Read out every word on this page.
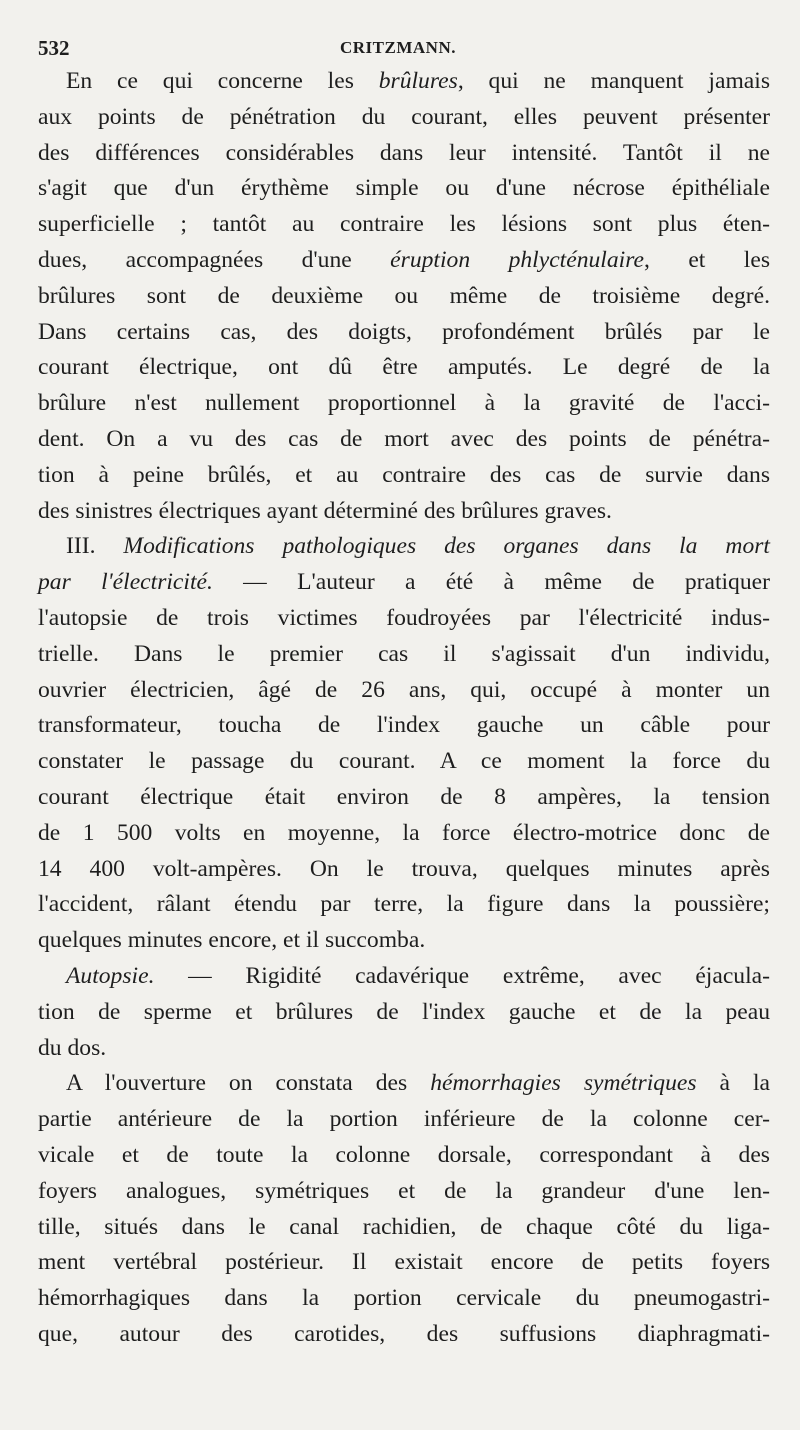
532	CRITZMANN.

En ce qui concerne les brûlures, qui ne manquent jamais
aux points de pénétration du courant, elles peuvent présenter
des différences considérables dans leur intensité. Tantôt il ne
s'agit que d'un érythème simple ou d'une nécrose épithéliale
superficielle ; tantôt au contraire les lésions sont plus éten-
dues, accompagnées d'une éruption phlycténulaire, et les
brûlures sont de deuxième ou même de troisième degré.
Dans certains cas, des doigts, profondément brûlés par le
courant électrique, ont dû être amputés. Le degré de la
brûlure n'est nullement proportionnel à la gravité de l'acci-
dent. On a vu des cas de mort avec des points de pénétra-
tion à peine brûlés, et au contraire des cas de survie dans
des sinistres électriques ayant déterminé des brûlures graves.

III. Modifications pathologiques des organes dans la mort
par l'électricité. — L'auteur a été à même de pratiquer
l'autopsie de trois victimes foudroyées par l'électricité indus-
trielle. Dans le premier cas il s'agissait d'un individu,
ouvrier électricien, âgé de 26 ans, qui, occupé à monter un
transformateur, toucha de l'index gauche un câble pour
constater le passage du courant. A ce moment la force du
courant électrique était environ de 8 ampères, la tension
de 1 500 volts en moyenne, la force électro-motrice donc de
14 400 volt-ampères. On le trouva, quelques minutes après
l'accident, râlant étendu par terre, la figure dans la poussière;
quelques minutes encore, et il succomba.

Autopsie. — Rigidité cadavérique extrême, avec éjacula-
tion de sperme et brûlures de l'index gauche et de la peau
du dos.

A l'ouverture on constata des hémorrhagies symétriques à la
partie antérieure de la portion inférieure de la colonne cer-
vicale et de toute la colonne dorsale, correspondant à des
foyers analogues, symétriques et de la grandeur d'une len-
tille, situés dans le canal rachidien, de chaque côté du liga-
ment vertébral postérieur. Il existait encore de petits foyers
hémorrhagiques dans la portion cervicale du pneumogastri-
que, autour des carotides, des suffusions diaphragmati-
